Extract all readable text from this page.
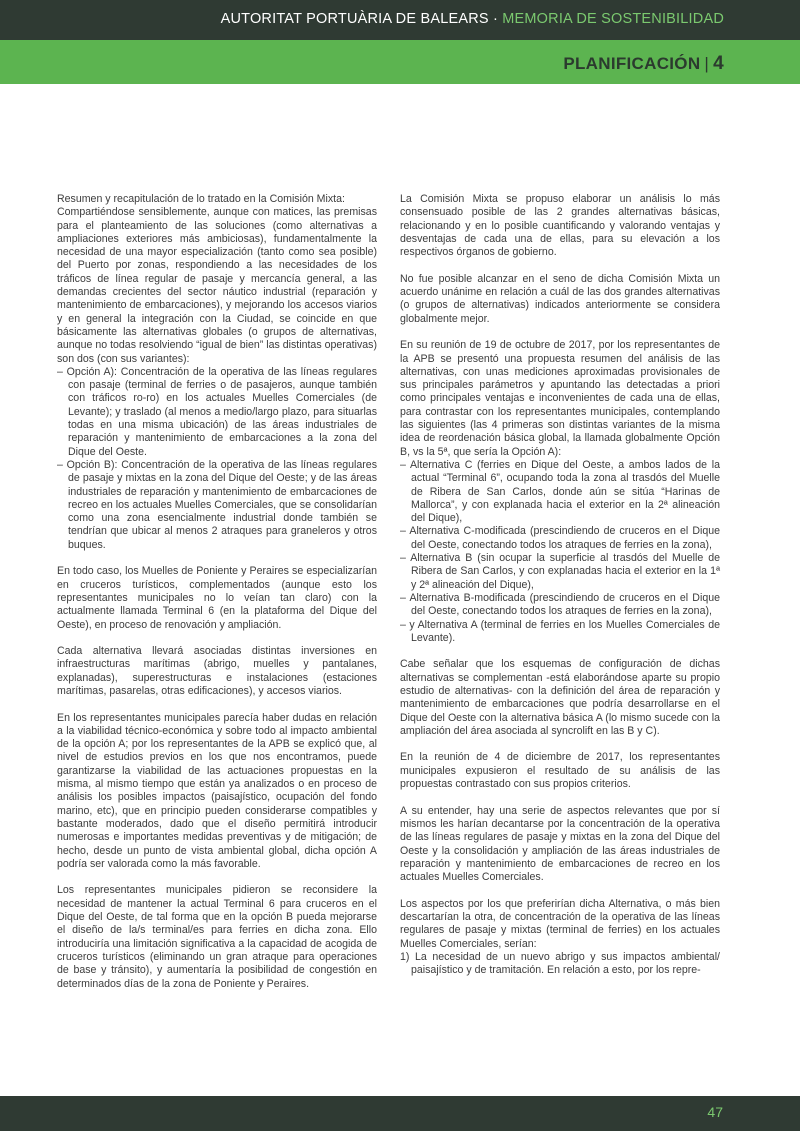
AUTORITAT PORTUÀRIA DE BALEARS · MEMORIA DE SOSTENIBILIDAD
PLANIFICACIÓN | 4

Resumen y recapitulación de lo tratado en la Comisión Mixta:

Compartiéndose sensiblemente, aunque con matices, las premisas para el planteamiento de las soluciones (como alternativas a ampliaciones exteriores más ambiciosas), fundamentalmente la necesidad de una mayor especialización (tanto como sea posible) del Puerto por zonas, respondiendo a las necesidades de los tráficos de línea regular de pasaje y mercancía general, a las demandas crecientes del sector náutico industrial (reparación y mantenimiento de embarcaciones), y mejorando los accesos viarios y en general la integración con la Ciudad, se coincide en que básicamente las alternativas globales (o grupos de alternativas, aunque no todas resolviendo “igual de bien” las distintas operativas) son dos (con sus variantes):

– Opción A): Concentración de la operativa de las líneas regulares con pasaje (terminal de ferries o de pasajeros, aunque también con tráficos ro-ro) en los actuales Muelles Comerciales (de Levante); y traslado (al menos a medio/largo plazo, para situarlas todas en una misma ubicación) de las áreas industriales de reparación y mantenimiento de embarcaciones a la zona del Dique del Oeste.
– Opción B): Concentración de la operativa de las líneas regulares de pasaje y mixtas en la zona del Dique del Oeste; y de las áreas industriales de reparación y mantenimiento de embarcaciones de recreo en los actuales Muelles Comerciales, que se consolidarían como una zona esencialmente industrial donde también se tendrían que ubicar al menos 2 atraques para graneleros y otros buques.

En todo caso, los Muelles de Poniente y Peraires se especializarían en cruceros turísticos, complementados (aunque esto los representantes municipales no lo veían tan claro) con la actualmente llamada Terminal 6 (en la plataforma del Dique del Oeste), en proceso de renovación y ampliación.

Cada alternativa llevará asociadas distintas inversiones en infraestructuras marítimas (abrigo, muelles y pantalanes, explanadas), superestructuras e instalaciones (estaciones marítimas, pasarelas, otras edificaciones), y accesos viarios.

En los representantes municipales parecía haber dudas en relación a la viabilidad técnico-económica y sobre todo al impacto ambiental de la opción A; por los representantes de la APB se explicó que, al nivel de estudios previos en los que nos encontramos, puede garantizarse la viabilidad de las actuaciones propuestas en la misma, al mismo tiempo que están ya analizados o en proceso de análisis los posibles impactos (paisajístico, ocupación del fondo marino, etc), que en principio pueden considerarse compatibles y bastante moderados, dado que el diseño permitirá introducir numerosas e importantes medidas preventivas y de mitigación; de hecho, desde un punto de vista ambiental global, dicha opción A podría ser valorada como la más favorable.

Los representantes municipales pidieron se reconsidere la necesidad de mantener la actual Terminal 6 para cruceros en el Dique del Oeste, de tal forma que en la opción B pueda mejorarse el diseño de la/s terminal/es para ferries en dicha zona. Ello introduciría una limitación significativa a la capacidad de acogida de cruceros turísticos (eliminando un gran atraque para operaciones de base y tránsito), y aumentaría la posibilidad de congestión en determinados días de la zona de Poniente y Peraires.

La Comisión Mixta se propuso elaborar un análisis lo más consensuado posible de las 2 grandes alternativas básicas, relacionando y en lo posible cuantificando y valorando ventajas y desventajas de cada una de ellas, para su elevación a los respectivos órganos de gobierno.

No fue posible alcanzar en el seno de dicha Comisión Mixta un acuerdo unánime en relación a cuál de las dos grandes alternativas (o grupos de alternativas) indicados anteriormente se considera globalmente mejor.

En su reunión de 19 de octubre de 2017, por los representantes de la APB se presentó una propuesta resumen del análisis de las alternativas, con unas mediciones aproximadas provisionales de sus principales parámetros y apuntando las detectadas a priori como principales ventajas e inconvenientes de cada una de ellas, para contrastar con los representantes municipales, contemplando las siguientes (las 4 primeras son distintas variantes de la misma idea de reordenación básica global, la llamada globalmente Opción B, vs la 5ª, que sería la Opción A):

– Alternativa C (ferries en Dique del Oeste, a ambos lados de la actual “Terminal 6”, ocupando toda la zona al trasdós del Muelle de Ribera de San Carlos, donde aún se sitúa “Harinas de Mallorca”, y con explanada hacia el exterior en la 2ª alineación del Dique),
– Alternativa C-modificada (prescindiendo de cruceros en el Dique del Oeste, conectando todos los atraques de ferries en la zona),
– Alternativa B (sin ocupar la superficie al trasdós del Muelle de Ribera de San Carlos, y con explanadas hacia el exterior en la 1ª y 2ª alineación del Dique),
– Alternativa B-modificada (prescindiendo de cruceros en el Dique del Oeste, conectando todos los atraques de ferries en la zona),
– y Alternativa A (terminal de ferries en los Muelles Comerciales de Levante).

Cabe señalar que los esquemas de configuración de dichas alternativas se complementan -está elaborándose aparte su propio estudio de alternativas- con la definición del área de reparación y mantenimiento de embarcaciones que podría desarrollarse en el Dique del Oeste con la alternativa básica A (lo mismo sucede con la ampliación del área asociada al syncrolift en las B y C).

En la reunión de 4 de diciembre de 2017, los representantes municipales expusieron el resultado de su análisis de las propuestas contrastado con sus propios criterios.

A su entender, hay una serie de aspectos relevantes que por sí mismos les harían decantarse por la concentración de la operativa de las líneas regulares de pasaje y mixtas en la zona del Dique del Oeste y la consolidación y ampliación de las áreas industriales de reparación y mantenimiento de embarcaciones de recreo en los actuales Muelles Comerciales.

Los aspectos por los que preferirían dicha Alternativa, o más bien descartarían la otra, de concentración de la operativa de las líneas regulares de pasaje y mixtas (terminal de ferries) en los actuales Muelles Comerciales, serían:

1) La necesidad de un nuevo abrigo y sus impactos ambiental/ paisajístico y de tramitación. En relación a esto, por los repre-
47
